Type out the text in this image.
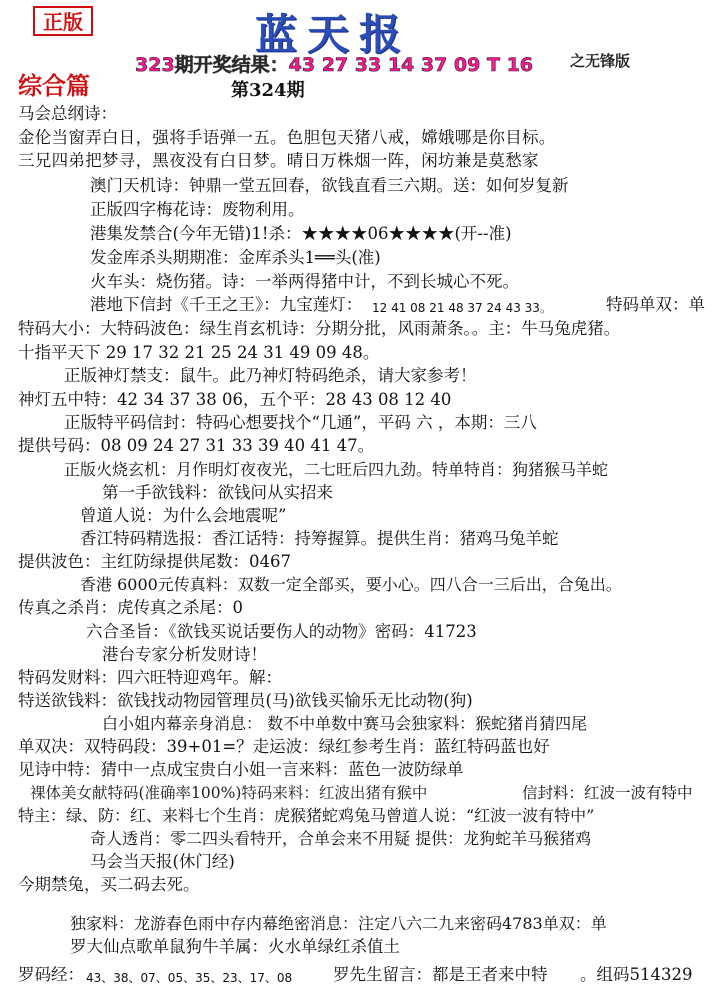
正版	蓝天报
323期开奖结果：43 27 33 14 37 09 T 16 之无锋版
综合篇	第324期
马会总纲诗：
金伦当窗弄白日，强将手语弹一五。色胆包天猪八戒，嫦娥哪是你目标。
三兄四弟把梦寻，黑夜没有白日梦。晴日万株烟一阵，闲坊兼是莫愁家
澳门天机诗：钟鼎一堂五回春，欲钱直看三六期。送：如何岁复新
正版四字梅花诗：废物利用。
港集发禁合(今年无错)1!杀：★★★★06★★★★(开--准)
发金库杀头期期准：金库杀头1══头(准)
火车头：烧伤猪。诗：一举两得猪中计，不到长城心不死。
港地下信封《千王之王》：九宝莲灯： 12 41 08 21 48 37 24 43 33。	特码单双：单
特码大小：大特码波色：绿生肖玄机诗：分期分批，风雨萧条。。主：牛马兔虎猪。
十指平天下 29 17 32 21 25 24 31 49 09 48。
正版神灯禁支：鼠牛。此乃神灯特码绝杀，请大家参考！
神灯五中特：42 34 37 38 06，五个平：28 43 08 12 40
正版特平码信封：特码心想要找个“几通”，平码 六 ，本期：三八
提供号码：08 09 24 27 31 33 39 40 41 47。
正版火烧玄机：月作明灯夜夜光，二七旺后四九劲。特单特肖：狗猪猴马羊蛇
第一手欲钱料：欲钱问从实招来
曾道人说：为什么会地震呢”
香江特码精选报：香江话特：持筹握算。提供生肖：猪鸡马兔羊蛇
提供波色：主红防绿提供尾数：0467
香港 6000元传真料：双数一定全部买，要小心。四八合一三后出，合兔出。
传真之杀肖：虎传真之杀尾：0
六合圣旨：《欲钱买说话要伤人的动物》密码：41723
港台专家分析发财诗！
特码发财料：四六旺特迎鸡年。解：
特送欲钱料：欲钱找动物园管理员(马)欲钱买愉乐无比动物(狗)
白小姐内幕亲身消息： 数不中单数中赛马会独家料：猴蛇猪肖猜四尾
单双决：双特码段：39+01=？走运波：绿红参考生肖：蓝红特码蓝也好
见诗中特：猜中一点成宝贵白小姐一言来料：蓝色一波防绿单
裸体美女献特码(准确率100%)特码来料：红波出猪有猴中	信封料：红波一波有特中
特主：绿、防：红、来料七个生肖：虎猴猪蛇鸡兔马曾道人说：“红波一波有特中”
奇人透肖：零二四头看特开，合单会来不用疑 提供：龙狗蛇羊马猴猪鸡
马会当天报(休门经)
今期禁兔，买二码去死。
独家料：龙游春色雨中存内幕绝密消息：注定八六二九来密码4783单双：单
罗大仙点歌单鼠狗牛羊属：火水单绿红杀值土
罗码经： 43、38、07、05、35、23、17、08 罗先生留言：都是王者来中特 。组码514329
